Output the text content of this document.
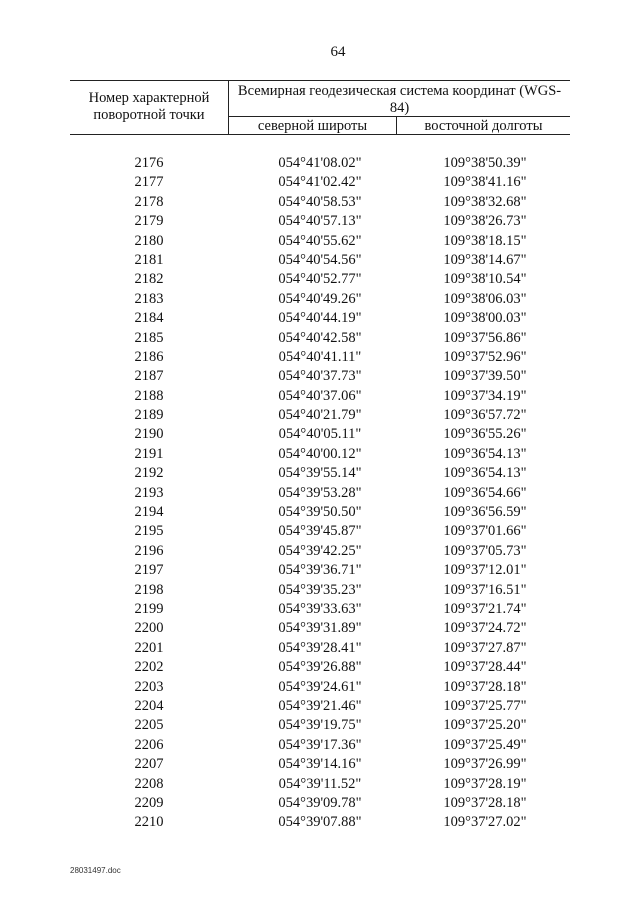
64
Номер характерной поворотной точки
Всемирная геодезическая система координат (WGS-84)
северной широты	восточной долготы
2176	054°41'08.02"	109°38'50.39"
2177	054°41'02.42"	109°38'41.16"
2178	054°40'58.53"	109°38'32.68"
2179	054°40'57.13"	109°38'26.73"
2180	054°40'55.62"	109°38'18.15"
2181	054°40'54.56"	109°38'14.67"
2182	054°40'52.77"	109°38'10.54"
2183	054°40'49.26"	109°38'06.03"
2184	054°40'44.19"	109°38'00.03"
2185	054°40'42.58"	109°37'56.86"
2186	054°40'41.11"	109°37'52.96"
2187	054°40'37.73"	109°37'39.50"
2188	054°40'37.06"	109°37'34.19"
2189	054°40'21.79"	109°36'57.72"
2190	054°40'05.11"	109°36'55.26"
2191	054°40'00.12"	109°36'54.13"
2192	054°39'55.14"	109°36'54.13"
2193	054°39'53.28"	109°36'54.66"
2194	054°39'50.50"	109°36'56.59"
2195	054°39'45.87"	109°37'01.66"
2196	054°39'42.25"	109°37'05.73"
2197	054°39'36.71"	109°37'12.01"
2198	054°39'35.23"	109°37'16.51"
2199	054°39'33.63"	109°37'21.74"
2200	054°39'31.89"	109°37'24.72"
2201	054°39'28.41"	109°37'27.87"
2202	054°39'26.88"	109°37'28.44"
2203	054°39'24.61"	109°37'28.18"
2204	054°39'21.46"	109°37'25.77"
2205	054°39'19.75"	109°37'25.20"
2206	054°39'17.36"	109°37'25.49"
2207	054°39'14.16"	109°37'26.99"
2208	054°39'11.52"	109°37'28.19"
2209	054°39'09.78"	109°37'28.18"
2210	054°39'07.88"	109°37'27.02"
28031497.doc
